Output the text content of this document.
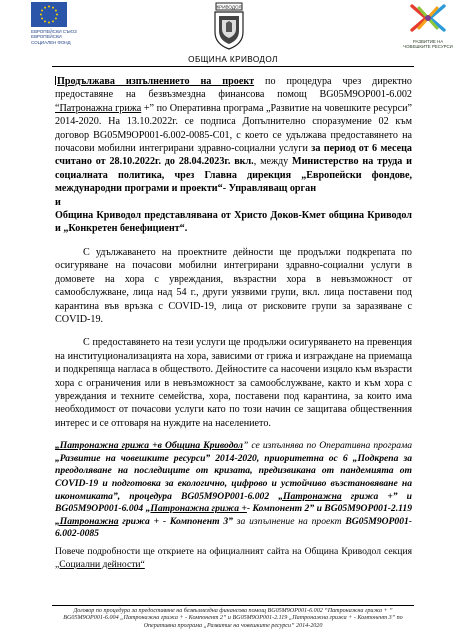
ЕВРОПЕЙСКИ СЪЮЗ
ЕВРОПЕЙСКИ
СОЦИАЛЕН ФОНД
КРИВОДОЛ
ОБЩИНА КРИВОДОЛ
РАЗВИТИЕ НА
ЧОВЕШКИТЕ РЕСУРСИ

Продължава изпълнението на проект по процедура чрез директно предоставяне на безвъзмездна финансова помощ BG05M9OP001-6.002 “Патронажна грижа +” по Оперативна програма „Развитие на човешките ресурси” 2014-2020. На 13.10.2022г. се подписа Допълнително споразумение 02 към договор BG05M9OP001-6.002-0085-C01, с което се удължава предоставянето на почасови мобилни интегрирани здравно-социални услуги за период от 6 месеца считано от 28.10.2022г. до 28.04.2023г. вкл., между Министерство на труда и социалната политика, чрез Главна дирекция „Европейски фондове, международни програми и проекти“- Управляващ орган

и

Община Криводол представлявана от Христо Доков-Кмет община Криводол и „Конкретен бенефициент“.

С удължаването на проектните дейности ще продължи подкрепата по осигуряване на почасови мобилни интегрирани здравно-социални услуги в домовете на хора с увреждания, възрастни хора в невъзможност от самообслужване, лица над 54 г., други уязвими групи, вкл. лица поставени под карантина във връзка с COVID-19, лица от рисковите групи за заразяване с COVID-19.

С предоставянето на тези услуги ще продължи осигуряването на превенция на институционализацията на хора, зависими от грижа и изграждане на приемаща и подкрепяща нагласа в обществото. Дейностите са насочени изцяло към възрасти хора с ограничения или в невъзможност за самообслужване, както и към хора с увреждания и техните семейства, хора, поставени под карантина, за които има необходимост от почасови услуги като по този начин се защитава общественния интерес и се отговаря на нуждите на населението.

„Патронажна грижа +в Община Криводол” се изпълнява по Оперативна програма „Развитие на човешките ресурси” 2014-2020, приоритетна ос 6 „Подкрепа за преодоляване на последиците от кризата, предизвикана от пандемията от COVID-19 и подготовка за екологично, цифрово и устойчиво възстановяване на икономиката”, процедура BG05M9OP001-6.002 „Патронажна грижа +” и BG05M9OP001-6.004 „Патронажна грижа +- Компонент 2” и BG05M9OP001-2.119 „Патронажна грижа + - Компонент 3” за изпълнение на проект BG05M9OP001-6.002-0085

Повече подробности ще откриете на официалният сайта на Община Криводол секция „Социални дейности“

Договор по процедура за предоставяне на безвъзмездна финансова помощ BG05M9OP001-6.002 “Патронажна грижа + ” BG05M9OP001-6.004 „Патронажна грижа + - Компонент 2” и BG05M9OP001-2.119 „Патронажна грижа + - Компонент 3” по Оперативна програма „Развитие на човешките ресурси” 2014-2020
